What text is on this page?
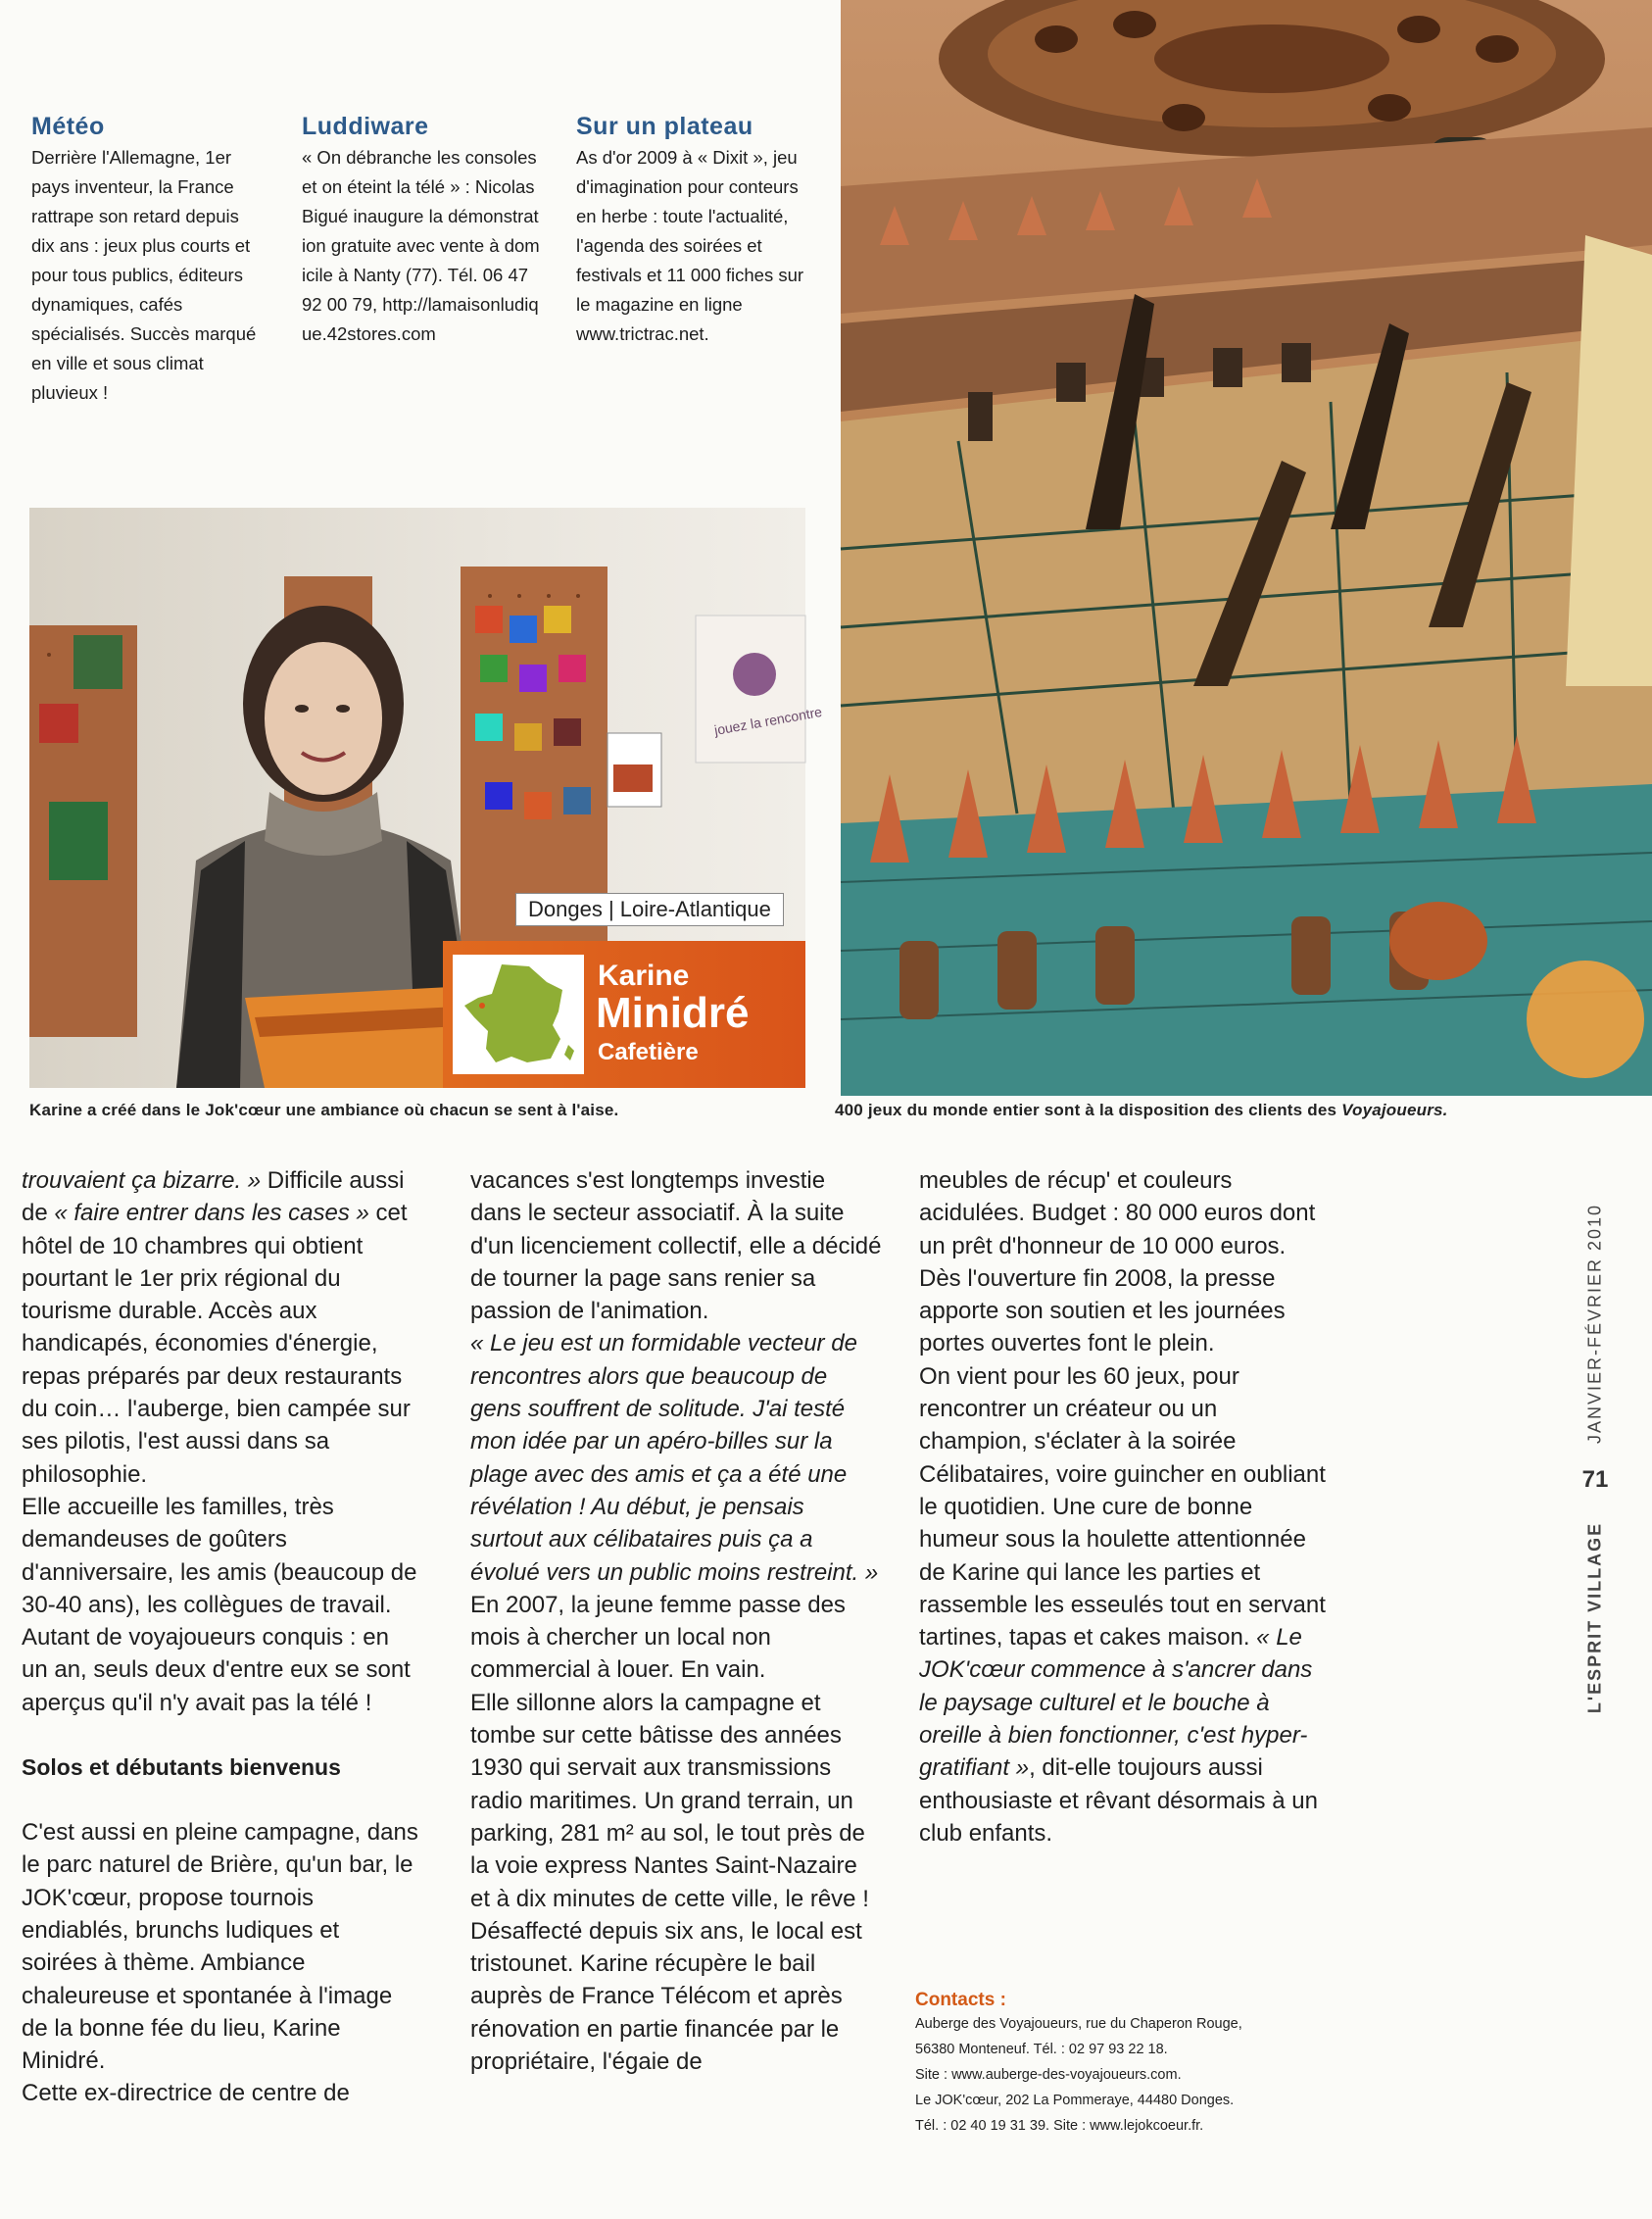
Météo
Derrière l'Allemagne, 1er pays inventeur, la France rattrape son retard depuis dix ans : jeux plus courts et pour tous publics, éditeurs dynamiques, cafés spécialisés. Succès marqué en ville et sous climat pluvieux !
Luddiware
« On débranche les consoles et on éteint la télé » : Nicolas Bigué inaugure la démonstration gratuite avec vente à domicile à Nanty (77). Tél. 06 47 92 00 79, http://lamaisonludique.42stores.com
Sur un plateau
As d'or 2009 à « Dixit », jeu d'imagination pour conteurs en herbe : toute l'actualité, l'agenda des soirées et festivals et 11 000 fiches sur le magazine en ligne www.trictrac.net.
jouez la rencontre
Donges | Loire-Atlantique
Karine
Minidré
Cafetière
Karine a créé dans le Jok'cœur une ambiance où chacun se sent à l'aise.	400 jeux du monde entier sont à la disposition des clients des Voyajoueurs.

trouvaient ça bizarre. » Difficile aussi de « faire entrer dans les cases » cet hôtel de 10 chambres qui obtient pourtant le 1er prix régional du tourisme durable. Accès aux handicapés, économies d'énergie, repas préparés par deux restaurants du coin… l'auberge, bien campée sur ses pilotis, l'est aussi dans sa philosophie.

Elle accueille les familles, très demandeuses de goûters d'anniversaire, les amis (beaucoup de 30-40 ans), les collègues de travail. Autant de voyajoueurs conquis : en un an, seuls deux d'entre eux se sont aperçus qu'il n'y avait pas la télé !

Solos et débutants bienvenus

C'est aussi en pleine campagne, dans le parc naturel de Brière, qu'un bar, le JOK'cœur, propose tournois endiablés, brunchs ludiques et soirées à thème. Ambiance chaleureuse et spontanée à l'image de la bonne fée du lieu, Karine Minidré.

Cette ex-directrice de centre de

vacances s'est longtemps investie dans le secteur associatif. À la suite d'un licenciement collectif, elle a décidé de tourner la page sans renier sa passion de l'animation.

« Le jeu est un formidable vecteur de rencontres alors que beaucoup de gens souffrent de solitude. J'ai testé mon idée par un apéro-billes sur la plage avec des amis et ça a été une révélation ! Au début, je pensais surtout aux célibataires puis ça a évolué vers un public moins restreint. »

En 2007, la jeune femme passe des mois à chercher un local non commercial à louer. En vain.

Elle sillonne alors la campagne et tombe sur cette bâtisse des années 1930 qui servait aux transmissions radio maritimes. Un grand terrain, un parking, 281 m² au sol, le tout près de la voie express Nantes Saint-Nazaire et à dix minutes de cette ville, le rêve !

Désaffecté depuis six ans, le local est tristounet. Karine récupère le bail auprès de France Télécom et après rénovation en partie financée par le propriétaire, l'égaie de

meubles de récup' et couleurs acidulées. Budget : 80 000 euros dont un prêt d'honneur de 10 000 euros. Dès l'ouverture fin 2008, la presse apporte son soutien et les journées portes ouvertes font le plein.

On vient pour les 60 jeux, pour rencontrer un créateur ou un champion, s'éclater à la soirée Célibataires, voire guincher en oubliant le quotidien. Une cure de bonne humeur sous la houlette attentionnée de Karine qui lance les parties et rassemble les esseulés tout en servant tartines, tapas et cakes maison. « Le JOK'cœur commence à s'ancrer dans le paysage culturel et le bouche à oreille à bien fonctionner, c'est hyper-gratifiant », dit-elle toujours aussi enthousiaste et rêvant désormais à un club enfants.

Contacts :
Auberge des Voyajoueurs, rue du Chaperon Rouge,
56380 Monteneuf. Tél. : 02 97 93 22 18.
Site : www.auberge-des-voyajoueurs.com.
Le JOK'cœur, 202 La Pommeraye, 44480 Donges.
Tél. : 02 40 19 31 39. Site : www.lejokcoeur.fr.
JANVIER-FÉVRIER 2010
71
L'ESPRIT VILLAGE
